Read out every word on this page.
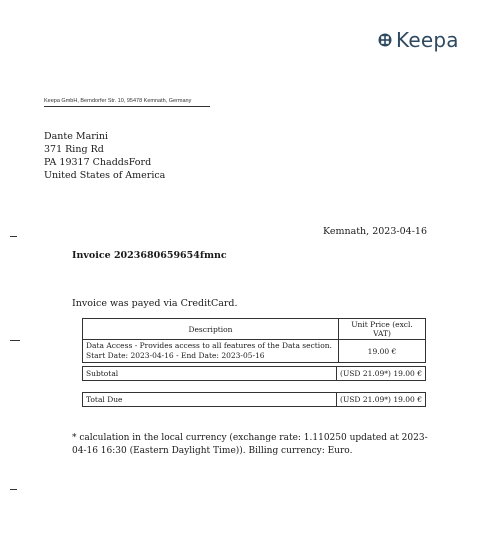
Keepa
Keepa GmbH, Berndorfer Str. 10, 95478 Kemnath, Germany
Dante Marini
371 Ring Rd
PA 19317 ChaddsFord
United States of America
Kemnath, 2023-04-16
Invoice 2023680659654fmnc
Invoice was payed via CreditCard.
Description	Unit Price (excl. VAT)

Data Access - Provides access to all features of the Data section.
Start Date: 2023-04-16 - End Date: 2023-05-16	19.00 €
Subtotal	(USD 21.09*) 19.00 €
Total Due	(USD 21.09*) 19.00 €
* calculation in the local currency (exchange rate: 1.110250 updated at 2023-04-16 16:30 (Eastern Daylight Time)). Billing currency: Euro.
